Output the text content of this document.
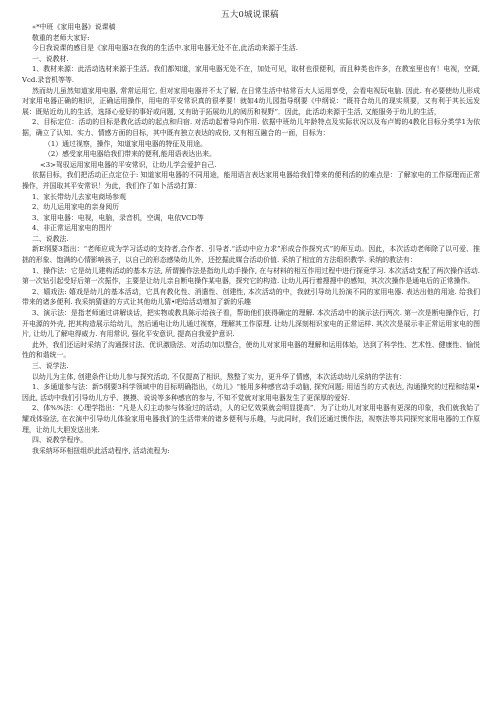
五大0城说课稿

«*中班《家用电器》说课稿

敬重的老师大家好:

今日我说课的感目是《家用电器3在我的的生活中.家用电器无处不在,此活动来源于生活.

一、说教材.

1、教材来源：此活动选材来源于生活。我们都知道，家用电器无处不在，加处可见，取材也很便利，而且种类也许多，在教室里也有！电视，空调, Vcd.录音机等等.

然而幼儿虽然知道家用电器, 常常运用它, 但对家用电器并不太了解, 在日常生活中牯常百大人运用享受，会看电视玩电脑. 因此. 有必要使幼儿形成对家用电器正确的相识，正确运用操作，用电的平安常识真的很孝要！就如4幼儿园指导纲要《中纲说：“既符合幼儿的现实须要，又有利于其长远发展：既贴近幼儿的生活，选择心爱好的事好或问题, 又有助于拓展幼儿的阅历和视野”．因此，此活动来源于生活, 又能服务于幼儿的生活，

2、目标定位：活动的目标是教化活动的起点和归宿. 对活动起着导向作用. 依据中班幼儿年龄特点及实际状况以及布卢姆的4教化目标分类学1为依据，确立了认知、实力、情感方面的目标，其中既有独立表达的成份, 又有相互融合的一面，目标为：

（1）通过视察，操作，知道家用电器的特征及用途。

（2）感受家用电器给我们带来的便利,能用语表达出来。

<3>驾驭运用家用电器的平安常识，让幼儿学会爱护自己.

依据目标，我们把活动正点定位于: 知道家用电器的不同用途，能用语言表达家用电器给我们带来的便利活的的难点是：了解家电的工作原理而正常操作，并国取其平安常识！为此，我们作了如卜活动打算：

1、家长带幼儿去家电商场参观

2、幼儿运用家电的亲身阅历

3、家用电器：电视，电脑，录音机，空调，电依VCD等

4、非正常运用家电的图片

二、说教法.

新E纲要3指出：“老师应成为学习活动的支持者,合作者、引导者.“活动中应力求”形成合作探究式”的师互动。因此，本次活动老师除了以可爱、推拙的形象、饱满的心情影响孩子，以自己的形态感染幼儿外，还挖掘此媒合活动价值. 采纳了相宜的方法组织教学. 采纳的教法有：

1、操作法：它是幼儿建构活动的基本方法, 所谓操作法是指幼儿动手操作, 在与材料的相互作用过程中进行探竟学习. 本次活动支配了两次操作活动. 第一次钻引起受好后第一次振作，主要是让幼儿亲自断电操作某电器，探究它的构造. 让幼儿再行着搜搜中的感知，其次次操作是通电后的正常操作。

2、嬉戏法: 嬉戏是幼儿的基本活动，它具有教化性、消遣性、创建性, 本次活动的中，我就引导幼儿扮演不同的家用电器. 表达出他的用途. 给我们带来的诸多便利. 我采纳猜谜的方式让其他幼儿猜•吧给活动增加了新的乐趣

3、演示法：是指老师通过讲解谈话，把实物或教具陈示给孩子看，帮助他们获得确定的理解. 本次活动中的演示法行两次. 第一次是断电操作后，打开电源的外壳, 把其构造展示给幼儿，然后通电让幼儿通过视察，理解其工作原理. 让幼儿深刻相识家电的正常运样. 其次次是展示非正常运用家电的图片, 让幼儿了解电得威力. 有用常识, 强化平安意识, 提高自我爱护意识.

此外，我们还运时采纳了沟通探讨法、优识激励法、对活动加以整合，使幼儿对家用电器的理解和运用体始，达到了科学性、艺术性、健康性、愉悦性的和谐统一。

三、说学法.

以幼儿为主体, 创建条件让幼儿参与探究活动, 不仅提高了相识，熬整了实力，更升华了情感，本次活动幼儿采纳的学法有：

1、多通道参与法：新5纲要3科学领域中的目标明确指出，《幼儿》“能用多种感官动手动脑, 探究问题; 用适当的方式表达, 沟通操究的过程和结果•因此, 活动中我们引导幼儿方乎、摸摸、说说等多种感官的参与, 不知不觉就对家用电器发生了更深厚的爱好.

2、体%%法：心理学指出：“凡是人幻主动参与体验过的活动，人的记忆效果就会明显提高”．为了让幼儿对家用电器有更深的印象，我们就我始了耀戏体验法, 在衣演中引导幼儿体验家用电器我们的生活带来的诸多便利与乐趣，与此同时，我们还通过懊作法，视察法等共同探究家用电器的工作原理，让幼儿大胆发送出来.

四、说教学程序。

我采纳环环相扭组织此活动程序, 活动流程为:
